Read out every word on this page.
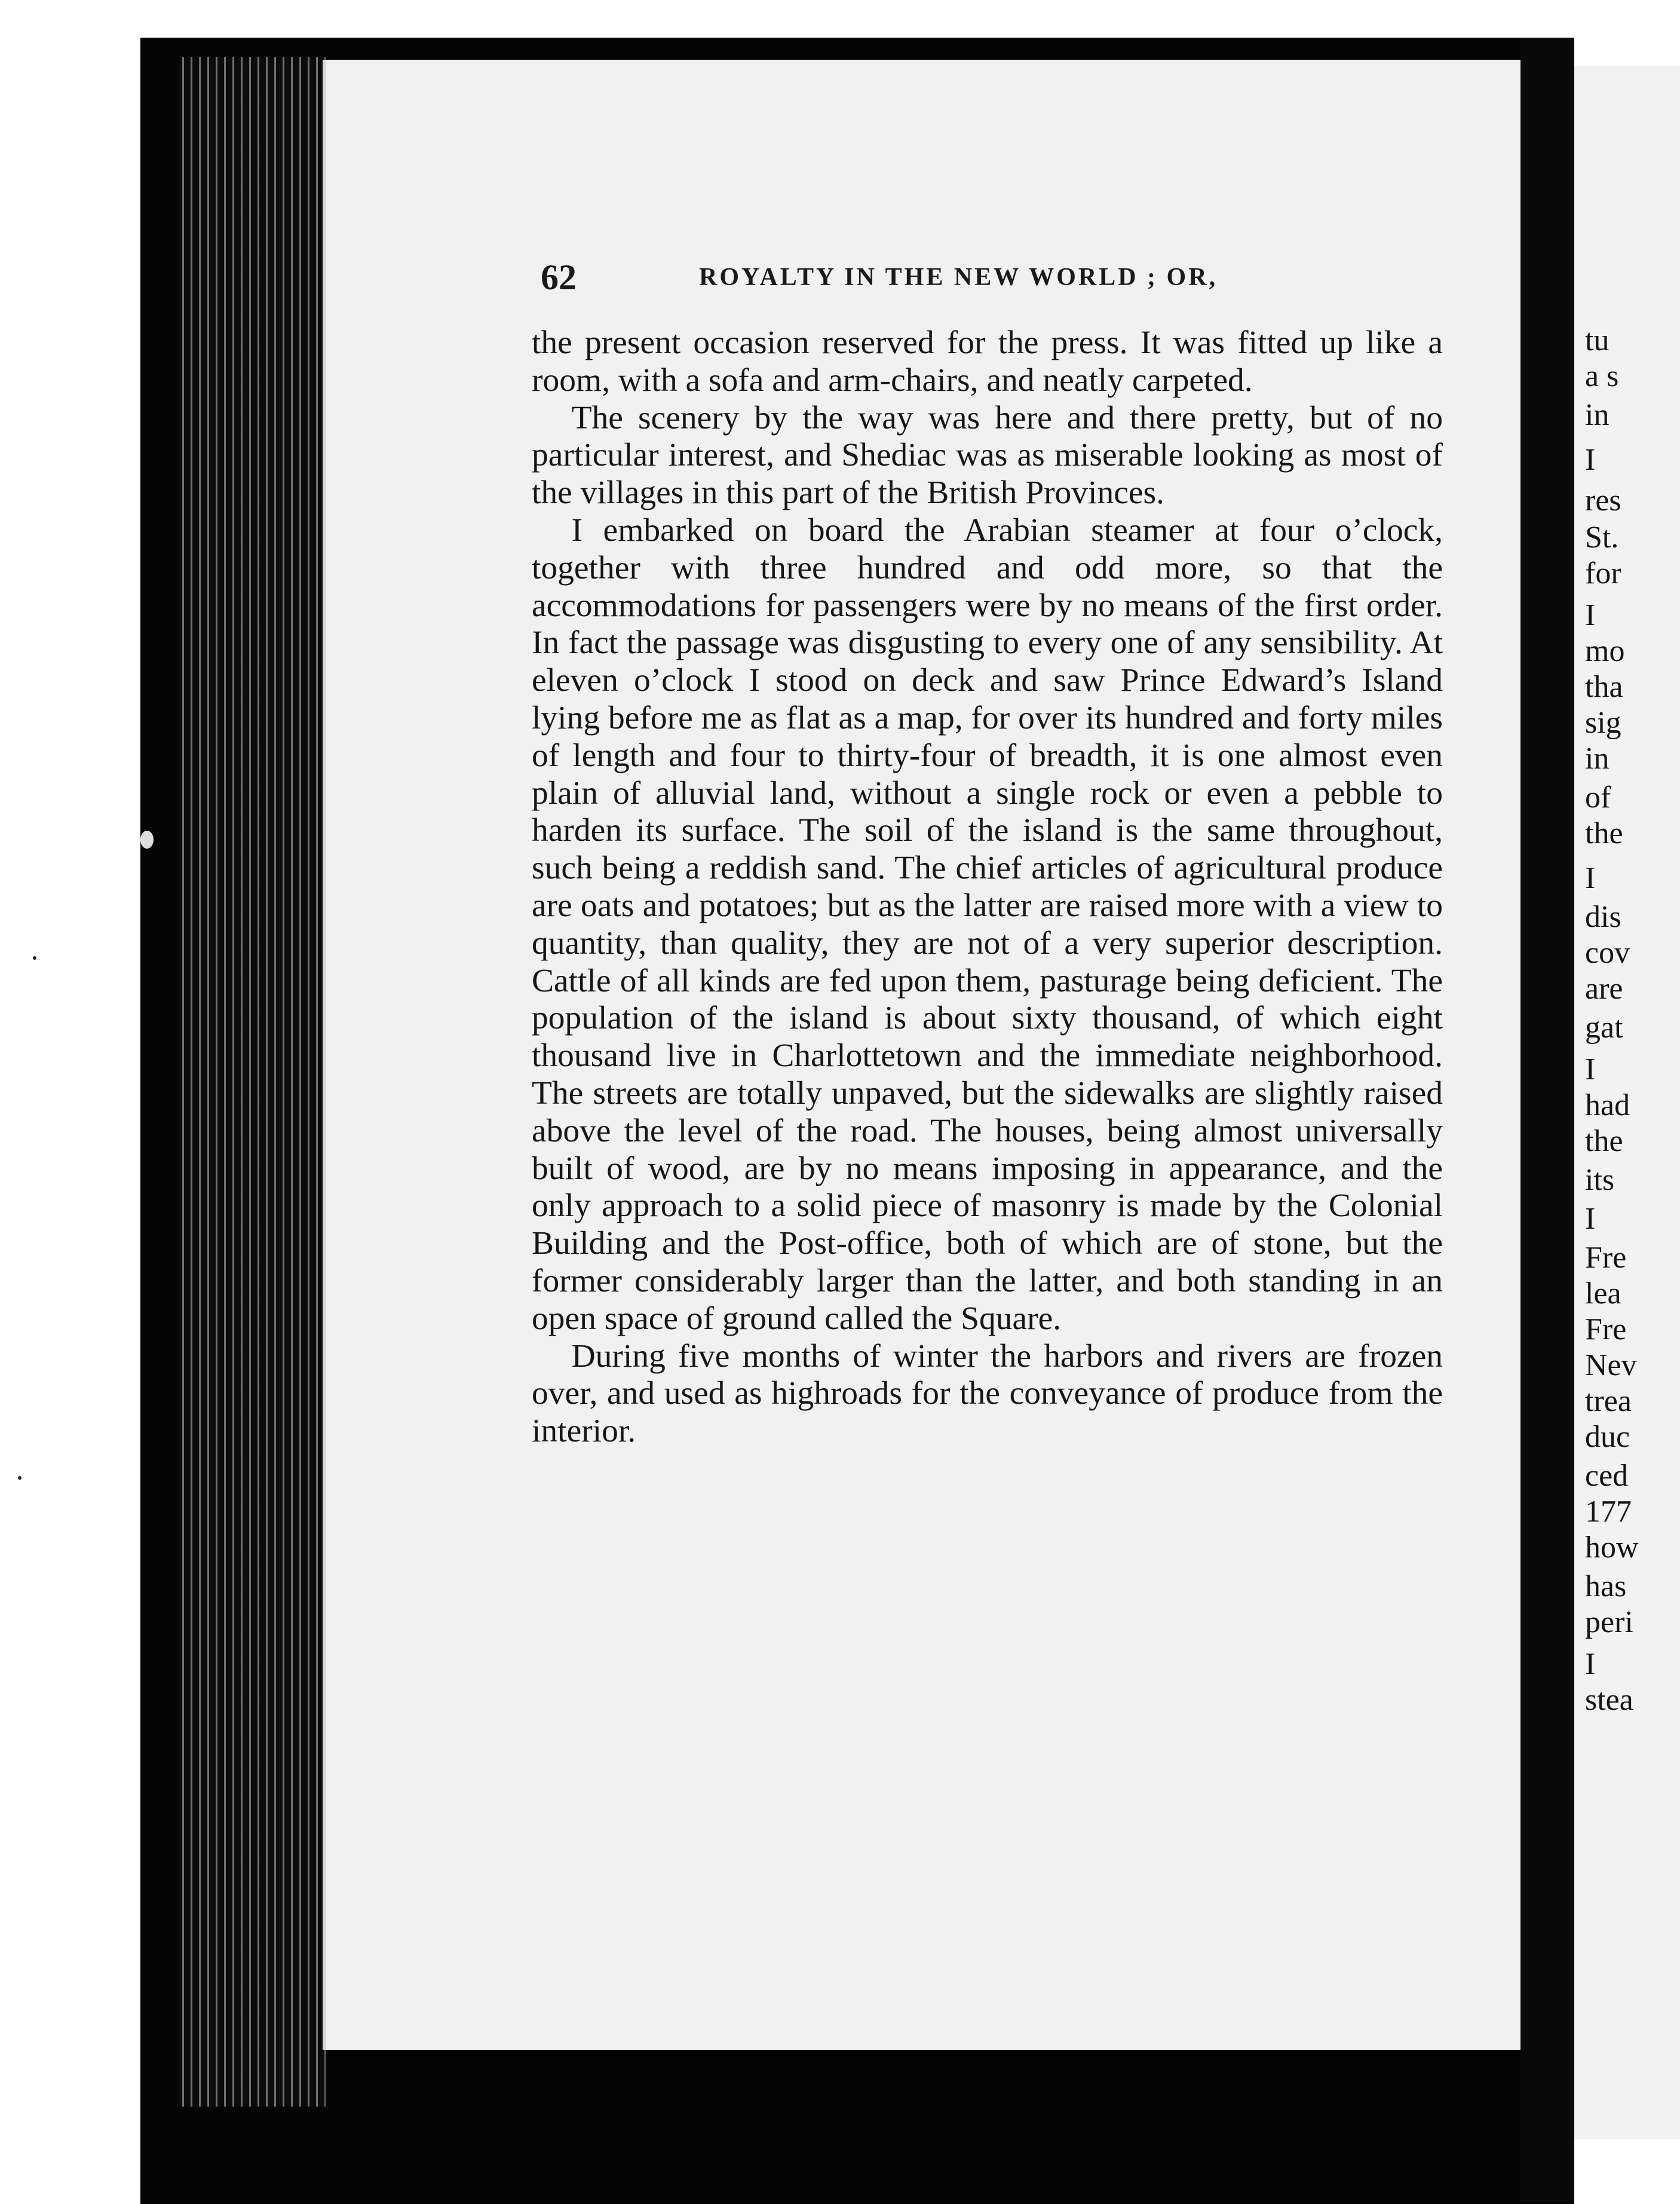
tu
a s
in
I
res
St.
for
I
mo
tha
sig
in
of
the
I
dis
cov
are
gat
I
had
the
its
I
Fre
lea
Fre
Nev
trea
duc
ced
177
how
has
peri
I
stea
62	ROYALTY IN THE NEW WORLD ; OR,

the present occasion reserved for the press. It was fitted up like a room, with a sofa and arm-chairs, and neatly carpeted.

The scenery by the way was here and there pretty, but of no particular interest, and Shediac was as miserable looking as most of the villages in this part of the British Provinces.

I embarked on board the Arabian steamer at four o’clock, together with three hundred and odd more, so that the accommodations for passengers were by no means of the first order. In fact the passage was disgusting to every one of any sensibility. At eleven o’clock I stood on deck and saw Prince Edward’s Island lying before me as flat as a map, for over its hundred and forty miles of length and four to thirty-four of breadth, it is one almost even plain of alluvial land, without a single rock or even a pebble to harden its surface. The soil of the island is the same throughout, such being a reddish sand. The chief articles of agricultural produce are oats and potatoes; but as the latter are raised more with a view to quantity, than quality, they are not of a very superior description. Cattle of all kinds are fed upon them, pasturage being deficient. The population of the island is about sixty thousand, of which eight thousand live in Charlottetown and the immediate neighborhood. The streets are totally unpaved, but the sidewalks are slightly raised above the level of the road. The houses, being almost universally built of wood, are by no means imposing in appearance, and the only approach to a solid piece of masonry is made by the Colonial Building and the Post-office, both of which are of stone, but the former considerably larger than the latter, and both standing in an open space of ground called the Square.

During five months of winter the harbors and rivers are frozen over, and used as highroads for the conveyance of produce from the interior.
